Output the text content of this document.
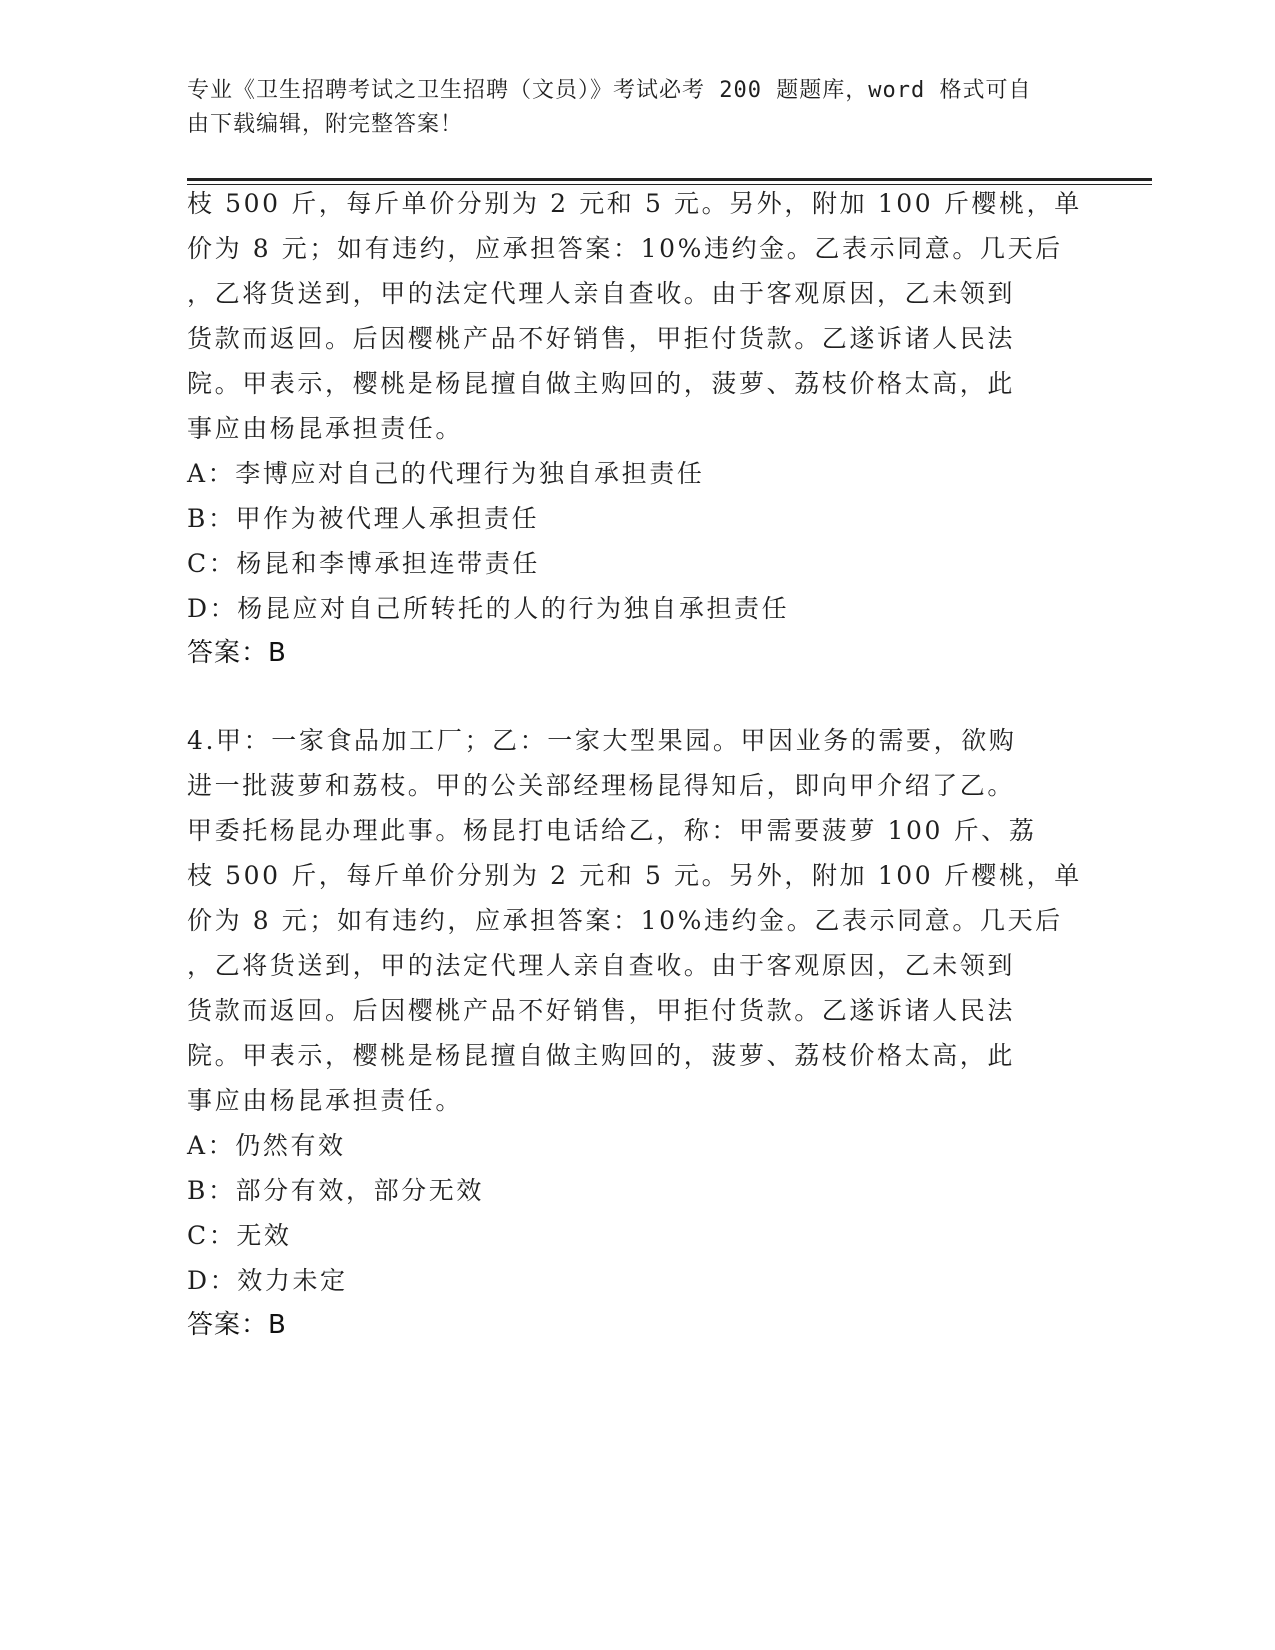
专业《卫生招聘考试之卫生招聘（文员）》考试必考 200 题题库，word 格式可自
由下载编辑，附完整答案！
枝 500 斤，每斤单价分别为 2 元和 5 元。另外，附加 100 斤樱桃，单
价为 8 元；如有违约，应承担答案：10%违约金。乙表示同意。几天后
，乙将货送到，甲的法定代理人亲自查收。由于客观原因，乙未领到
货款而返回。后因樱桃产品不好销售，甲拒付货款。乙遂诉诸人民法
院。甲表示，樱桃是杨昆擅自做主购回的，菠萝、荔枝价格太高，此
事应由杨昆承担责任。
A：李博应对自己的代理行为独自承担责任
B：甲作为被代理人承担责任
C：杨昆和李博承担连带责任
D：杨昆应对自己所转托的人的行为独自承担责任
答案：B
4.甲：一家食品加工厂；乙：一家大型果园。甲因业务的需要，欲购
进一批菠萝和荔枝。甲的公关部经理杨昆得知后，即向甲介绍了乙。
甲委托杨昆办理此事。杨昆打电话给乙，称：甲需要菠萝 100 斤、荔
枝 500 斤，每斤单价分别为 2 元和 5 元。另外，附加 100 斤樱桃，单
价为 8 元；如有违约，应承担答案：10%违约金。乙表示同意。几天后
，乙将货送到，甲的法定代理人亲自查收。由于客观原因，乙未领到
货款而返回。后因樱桃产品不好销售，甲拒付货款。乙遂诉诸人民法
院。甲表示，樱桃是杨昆擅自做主购回的，菠萝、荔枝价格太高，此
事应由杨昆承担责任。
A：仍然有效
B：部分有效，部分无效
C：无效
D：效力未定
答案：B
